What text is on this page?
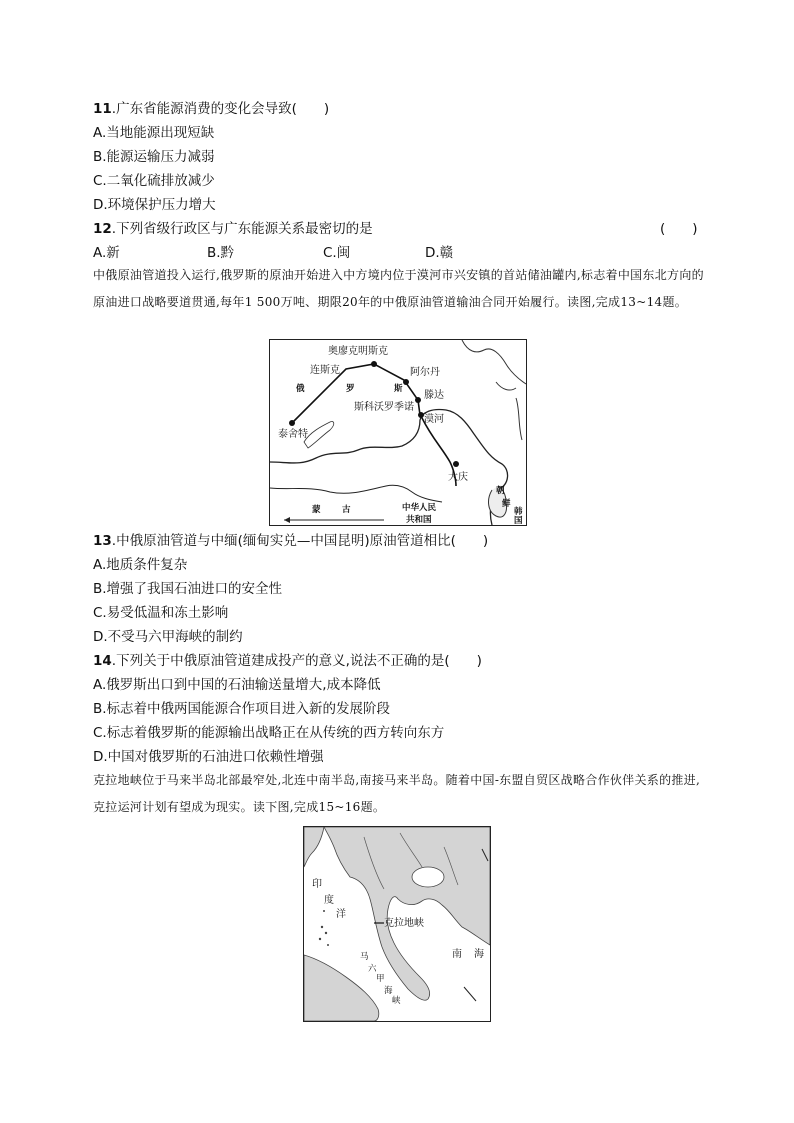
11.广东省能源消费的变化会导致(　　)
A.当地能源出现短缺
B.能源运输压力减弱
C.二氧化硫排放减少
D.环境保护压力增大
12.下列省级行政区与广东能源关系最密切的是	(　　)
A.新	B.黔	C.闽	D.赣
中俄原油管道投入运行,俄罗斯的原油开始进入中方境内位于漠河市兴安镇的首站储油罐内,标志着中国东北方向的原油进口战略要道贯通,每年1 500万吨、期限20年的中俄原油管道输油合同开始履行。读图,完成13~14题。
奥廖克明斯克
连斯克	阿尔丹
滕达
斯科沃罗季诺
漠河
泰舍特
大庆
俄	罗	斯
蒙	古	中华人民
共和国
朝
鲜
韩
国
13.中俄原油管道与中缅(缅甸实兑—中国昆明)原油管道相比(　　)
A.地质条件复杂
B.增强了我国石油进口的安全性
C.易受低温和冻土影响
D.不受马六甲海峡的制约
14.下列关于中俄原油管道建成投产的意义,说法不正确的是(　　)
A.俄罗斯出口到中国的石油输送量增大,成本降低
B.标志着中俄两国能源合作项目进入新的发展阶段
C.标志着俄罗斯的能源输出战略正在从传统的西方转向东方
D.中国对俄罗斯的石油进口依赖性增强
克拉地峡位于马来半岛北部最窄处,北连中南半岛,南接马来半岛。随着中国-东盟自贸区战略合作伙伴关系的推进,克拉运河计划有望成为现实。读下图,完成15~16题。
印
度
洋
克拉地峡
南 海
马
六
甲
海
峡
